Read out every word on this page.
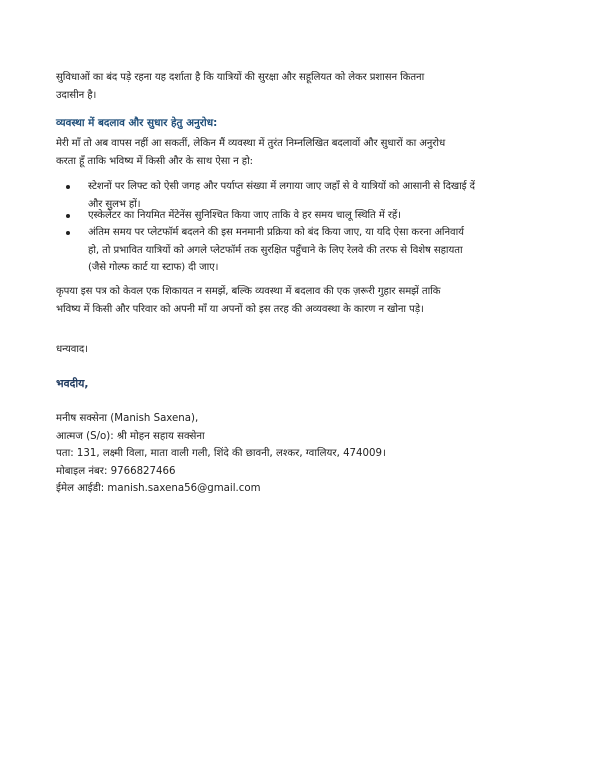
सुविधाओं का बंद पड़े रहना यह दर्शाता है कि यात्रियों की सुरक्षा और सहूलियत को लेकर प्रशासन कितना
उदासीन है।
व्यवस्था में बदलाव और सुधार हेतु अनुरोध:
मेरी माँ तो अब वापस नहीं आ सकतीं, लेकिन मैं व्यवस्था में तुरंत निम्नलिखित बदलावों और सुधारों का अनुरोध
करता हूँ ताकि भविष्य में किसी और के साथ ऐसा न हो:
स्टेशनों पर लिफ्ट को ऐसी जगह और पर्याप्त संख्या में लगाया जाए जहाँ से वे यात्रियों को आसानी से दिखाई दें
और सुलभ हों।
एस्केलेटर का नियमित मेंटेनेंस सुनिश्चित किया जाए ताकि वे हर समय चालू स्थिति में रहें।
अंतिम समय पर प्लेटफॉर्म बदलने की इस मनमानी प्रक्रिया को बंद किया जाए, या यदि ऐसा करना अनिवार्य
हो, तो प्रभावित यात्रियों को अगले प्लेटफॉर्म तक सुरक्षित पहुँचाने के लिए रेलवे की तरफ से विशेष सहायता
(जैसे गोल्फ कार्ट या स्टाफ) दी जाए।
कृपया इस पत्र को केवल एक शिकायत न समझें, बल्कि व्यवस्था में बदलाव की एक ज़रूरी गुहार समझें ताकि
भविष्य में किसी और परिवार को अपनी माँ या अपनों को इस तरह की अव्यवस्था के कारण न खोना पड़े।
धन्यवाद।
भवदीय,
मनीष सक्सेना (Manish Saxena),
आत्मज (S/o): श्री मोहन सहाय सक्सेना
पता: 131, लक्ष्मी विला, माता वाली गली, शिंदे की छावनी, लश्कर, ग्वालियर, 474009।
मोबाइल नंबर: 9766827466
ईमेल आईडी: manish.saxena56@gmail.com
